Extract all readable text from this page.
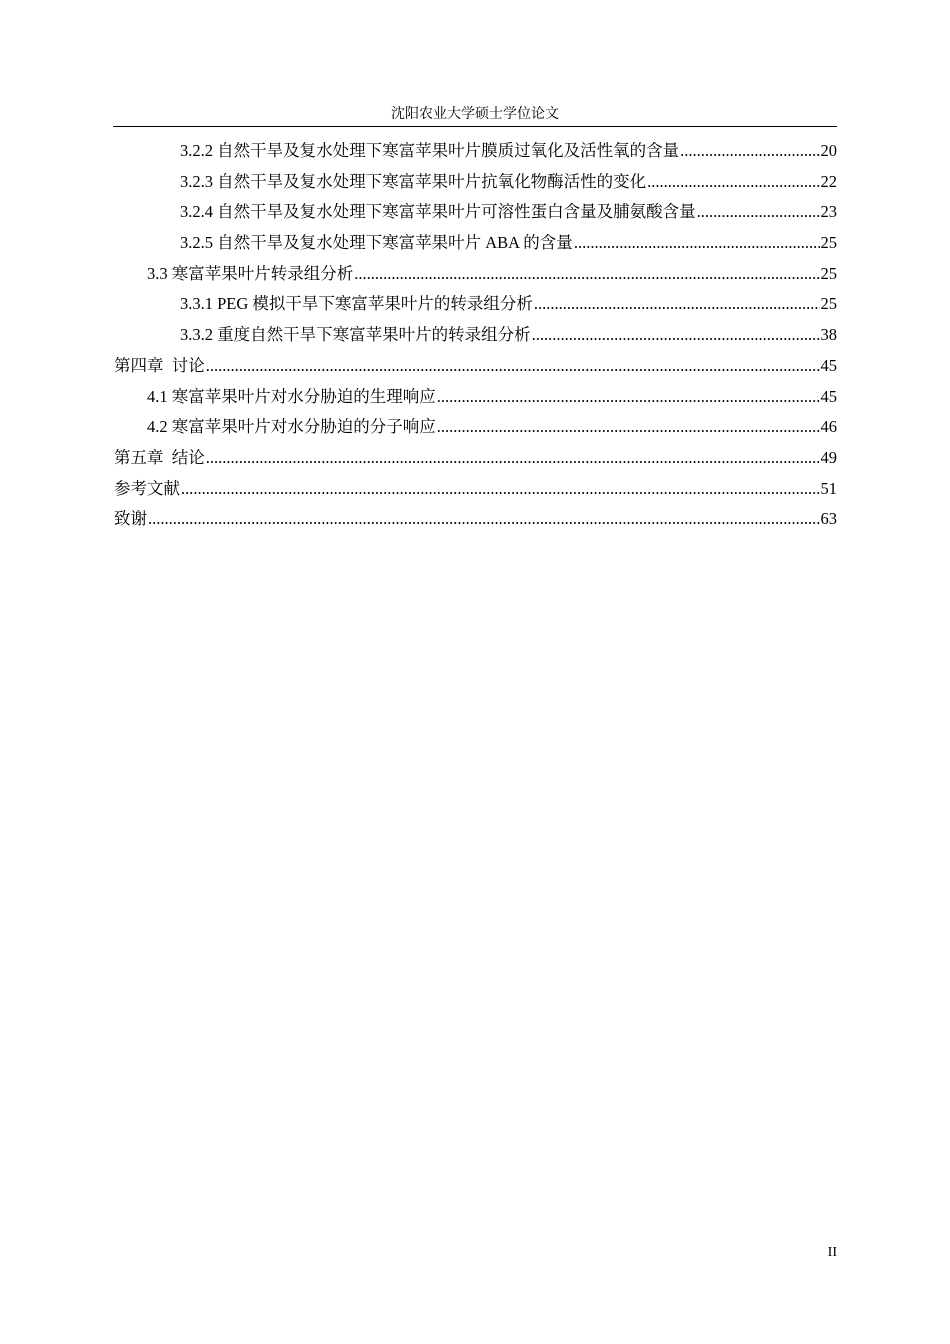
沈阳农业大学硕士学位论文
3.2.2 自然干旱及复水处理下寒富苹果叶片膜质过氧化及活性氧的含量 .....	20
3.2.3 自然干旱及复水处理下寒富苹果叶片抗氧化物酶活性的变化 .....	22
3.2.4 自然干旱及复水处理下寒富苹果叶片可溶性蛋白含量及脯氨酸含量 .....	23
3.2.5 自然干旱及复水处理下寒富苹果叶片 ABA 的含量 .....	25
3.3 寒富苹果叶片转录组分析 .....	25
3.3.1 PEG 模拟干旱下寒富苹果叶片的转录组分析 .....	25
3.3.2 重度自然干旱下寒富苹果叶片的转录组分析 .....	38
第四章  讨论 .....	45
4.1 寒富苹果叶片对水分胁迫的生理响应 .....	45
4.2 寒富苹果叶片对水分胁迫的分子响应 .....	46
第五章  结论 .....	49
参考文献 .....	51
致谢 .....	63
II
